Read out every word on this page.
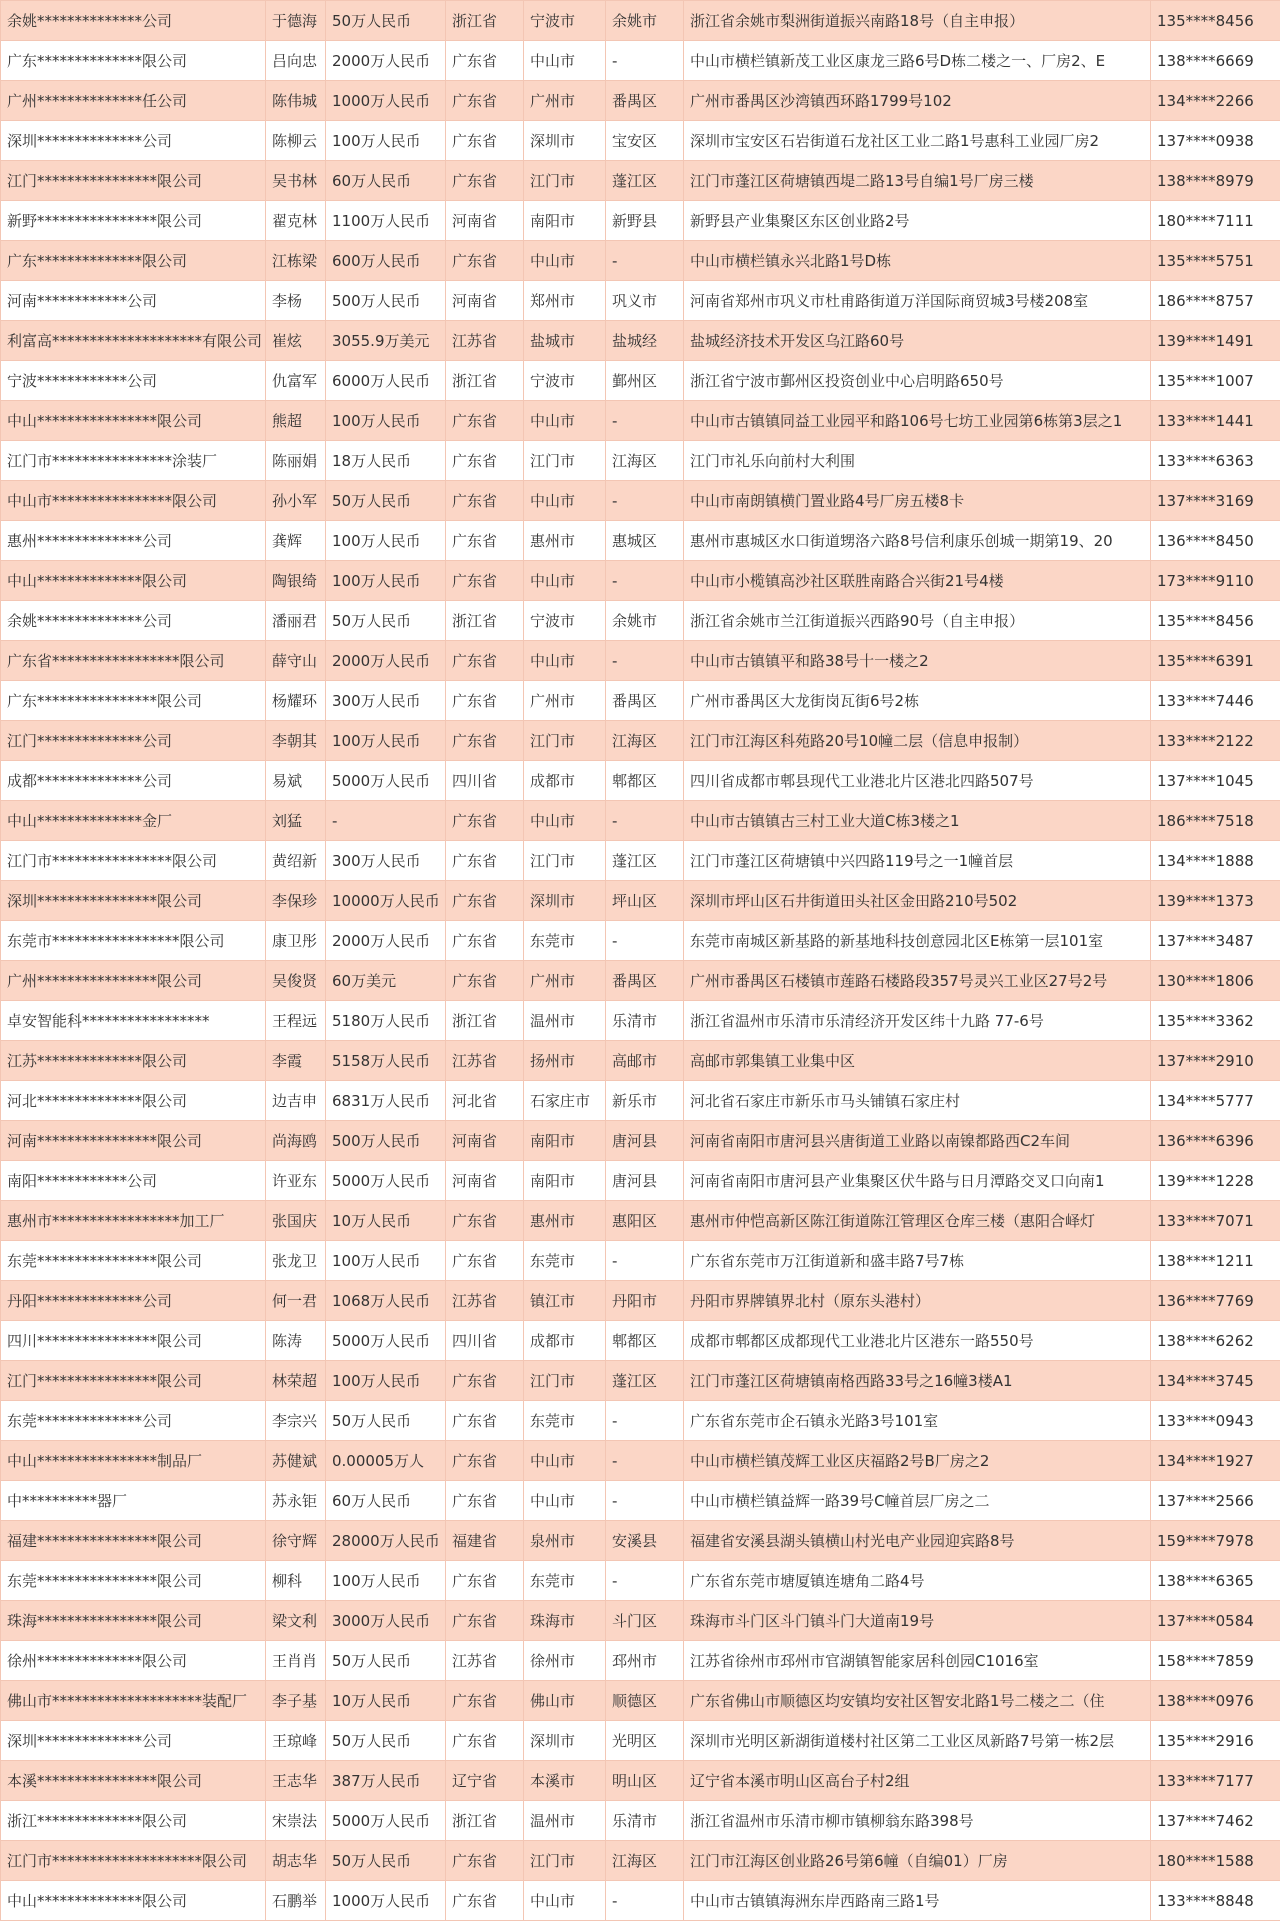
余姚**************公司	于德海	50万人民币	浙江省	宁波市	余姚市	浙江省余姚市梨洲街道振兴南路18号（自主申报）	135****8456
广东**************限公司	吕向忠	2000万人民币	广东省	中山市	-	中山市横栏镇新茂工业区康龙三路6号D栋二楼之一、厂房2、E	138****6669
广州**************任公司	陈伟城	1000万人民币	广东省	广州市	番禺区	广州市番禺区沙湾镇西环路1799号102	134****2266
深圳**************公司	陈柳云	100万人民币	广东省	深圳市	宝安区	深圳市宝安区石岩街道石龙社区工业二路1号惠科工业园厂房2	137****0938
江门****************限公司	吴书林	60万人民币	广东省	江门市	蓬江区	江门市蓬江区荷塘镇西堤二路13号自编1号厂房三楼	138****8979
新野****************限公司	翟克林	1100万人民币	河南省	南阳市	新野县	新野县产业集聚区东区创业路2号	180****7111
广东**************限公司	江栋梁	600万人民币	广东省	中山市	-	中山市横栏镇永兴北路1号D栋	135****5751
河南************公司	李杨	500万人民币	河南省	郑州市	巩义市	河南省郑州市巩义市杜甫路街道万洋国际商贸城3号楼208室	186****8757
利富高********************有限公司	崔炫	3055.9万美元	江苏省	盐城市	盐城经	盐城经济技术开发区乌江路60号	139****1491
宁波************公司	仇富军	6000万人民币	浙江省	宁波市	鄞州区	浙江省宁波市鄞州区投资创业中心启明路650号	135****1007
中山****************限公司	熊超	100万人民币	广东省	中山市	-	中山市古镇镇同益工业园平和路106号七坊工业园第6栋第3层之1	133****1441
江门市****************涂装厂	陈丽娟	18万人民币	广东省	江门市	江海区	江门市礼乐向前村大利围	133****6363
中山市****************限公司	孙小军	50万人民币	广东省	中山市	-	中山市南朗镇横门置业路4号厂房五楼8卡	137****3169
惠州**************公司	龚辉	100万人民币	广东省	惠州市	惠城区	惠州市惠城区水口街道甥洛六路8号信利康乐创城一期第19、20	136****8450
中山**************限公司	陶银绮	100万人民币	广东省	中山市	-	中山市小榄镇高沙社区联胜南路合兴街21号4楼	173****9110
余姚**************公司	潘丽君	50万人民币	浙江省	宁波市	余姚市	浙江省余姚市兰江街道振兴西路90号（自主申报）	135****8456
广东省*****************限公司	薛守山	2000万人民币	广东省	中山市	-	中山市古镇镇平和路38号十一楼之2	135****6391
广东****************限公司	杨耀环	300万人民币	广东省	广州市	番禺区	广州市番禺区大龙街岗瓦街6号2栋	133****7446
江门**************公司	李朝其	100万人民币	广东省	江门市	江海区	江门市江海区科苑路20号10幢二层（信息申报制）	133****2122
成都**************公司	易斌	5000万人民币	四川省	成都市	郫都区	四川省成都市郫县现代工业港北片区港北四路507号	137****1045
中山**************金厂	刘猛	-	广东省	中山市	-	中山市古镇镇古三村工业大道C栋3楼之1	186****7518
江门市****************限公司	黄绍新	300万人民币	广东省	江门市	蓬江区	江门市蓬江区荷塘镇中兴四路119号之一1幢首层	134****1888
深圳****************限公司	李保珍	10000万人民币	广东省	深圳市	坪山区	深圳市坪山区石井街道田头社区金田路210号502	139****1373
东莞市*****************限公司	康卫彤	2000万人民币	广东省	东莞市	-	东莞市南城区新基路的新基地科技创意园北区E栋第一层101室	137****3487
广州****************限公司	吴俊贤	60万美元	广东省	广州市	番禺区	广州市番禺区石楼镇市莲路石楼路段357号灵兴工业区27号2号	130****1806
卓安智能科*****************	王程远	5180万人民币	浙江省	温州市	乐清市	浙江省温州市乐清市乐清经济开发区纬十九路 77-6号	135****3362
江苏**************限公司	李霞	5158万人民币	江苏省	扬州市	高邮市	高邮市郭集镇工业集中区	137****2910
河北**************限公司	边吉申	6831万人民币	河北省	石家庄市	新乐市	河北省石家庄市新乐市马头铺镇石家庄村	134****5777
河南****************限公司	尚海鸥	500万人民币	河南省	南阳市	唐河县	河南省南阳市唐河县兴唐街道工业路以南镍都路西C2车间	136****6396
南阳************公司	许亚东	5000万人民币	河南省	南阳市	唐河县	河南省南阳市唐河县产业集聚区伏牛路与日月潭路交叉口向南1	139****1228
惠州市*****************加工厂	张国庆	10万人民币	广东省	惠州市	惠阳区	惠州市仲恺高新区陈江街道陈江管理区仓库三楼（惠阳合峄灯	133****7071
东莞****************限公司	张龙卫	100万人民币	广东省	东莞市	-	广东省东莞市万江街道新和盛丰路7号7栋	138****1211
丹阳**************公司	何一君	1068万人民币	江苏省	镇江市	丹阳市	丹阳市界牌镇界北村（原东头港村）	136****7769
四川****************限公司	陈涛	5000万人民币	四川省	成都市	郫都区	成都市郫都区成都现代工业港北片区港东一路550号	138****6262
江门****************限公司	林荣超	100万人民币	广东省	江门市	蓬江区	江门市蓬江区荷塘镇南格西路33号之16幢3楼A1	134****3745
东莞**************公司	李宗兴	50万人民币	广东省	东莞市	-	广东省东莞市企石镇永光路3号101室	133****0943
中山****************制品厂	苏健斌	0.00005万人	广东省	中山市	-	中山市横栏镇茂辉工业区庆福路2号B厂房之2	134****1927
中**********器厂	苏永钜	60万人民币	广东省	中山市	-	中山市横栏镇益辉一路39号C幢首层厂房之二	137****2566
福建****************限公司	徐守辉	28000万人民币	福建省	泉州市	安溪县	福建省安溪县湖头镇横山村光电产业园迎宾路8号	159****7978
东莞****************限公司	柳科	100万人民币	广东省	东莞市	-	广东省东莞市塘厦镇连塘角二路4号	138****6365
珠海****************限公司	梁文利	3000万人民币	广东省	珠海市	斗门区	珠海市斗门区斗门镇斗门大道南19号	137****0584
徐州**************限公司	王肖肖	50万人民币	江苏省	徐州市	邳州市	江苏省徐州市邳州市官湖镇智能家居科创园C1016室	158****7859
佛山市********************装配厂	李子基	10万人民币	广东省	佛山市	顺德区	广东省佛山市顺德区均安镇均安社区智安北路1号二楼之二（住	138****0976
深圳**************公司	王琼峰	50万人民币	广东省	深圳市	光明区	深圳市光明区新湖街道楼村社区第二工业区凤新路7号第一栋2层	135****2916
本溪****************限公司	王志华	387万人民币	辽宁省	本溪市	明山区	辽宁省本溪市明山区高台子村2组	133****7177
浙江**************限公司	宋崇法	5000万人民币	浙江省	温州市	乐清市	浙江省温州市乐清市柳市镇柳翁东路398号	137****7462
江门市********************限公司	胡志华	50万人民币	广东省	江门市	江海区	江门市江海区创业路26号第6幢（自编01）厂房	180****1588
中山**************限公司	石鹏举	1000万人民币	广东省	中山市	-	中山市古镇镇海洲东岸西路南三路1号	133****8848
